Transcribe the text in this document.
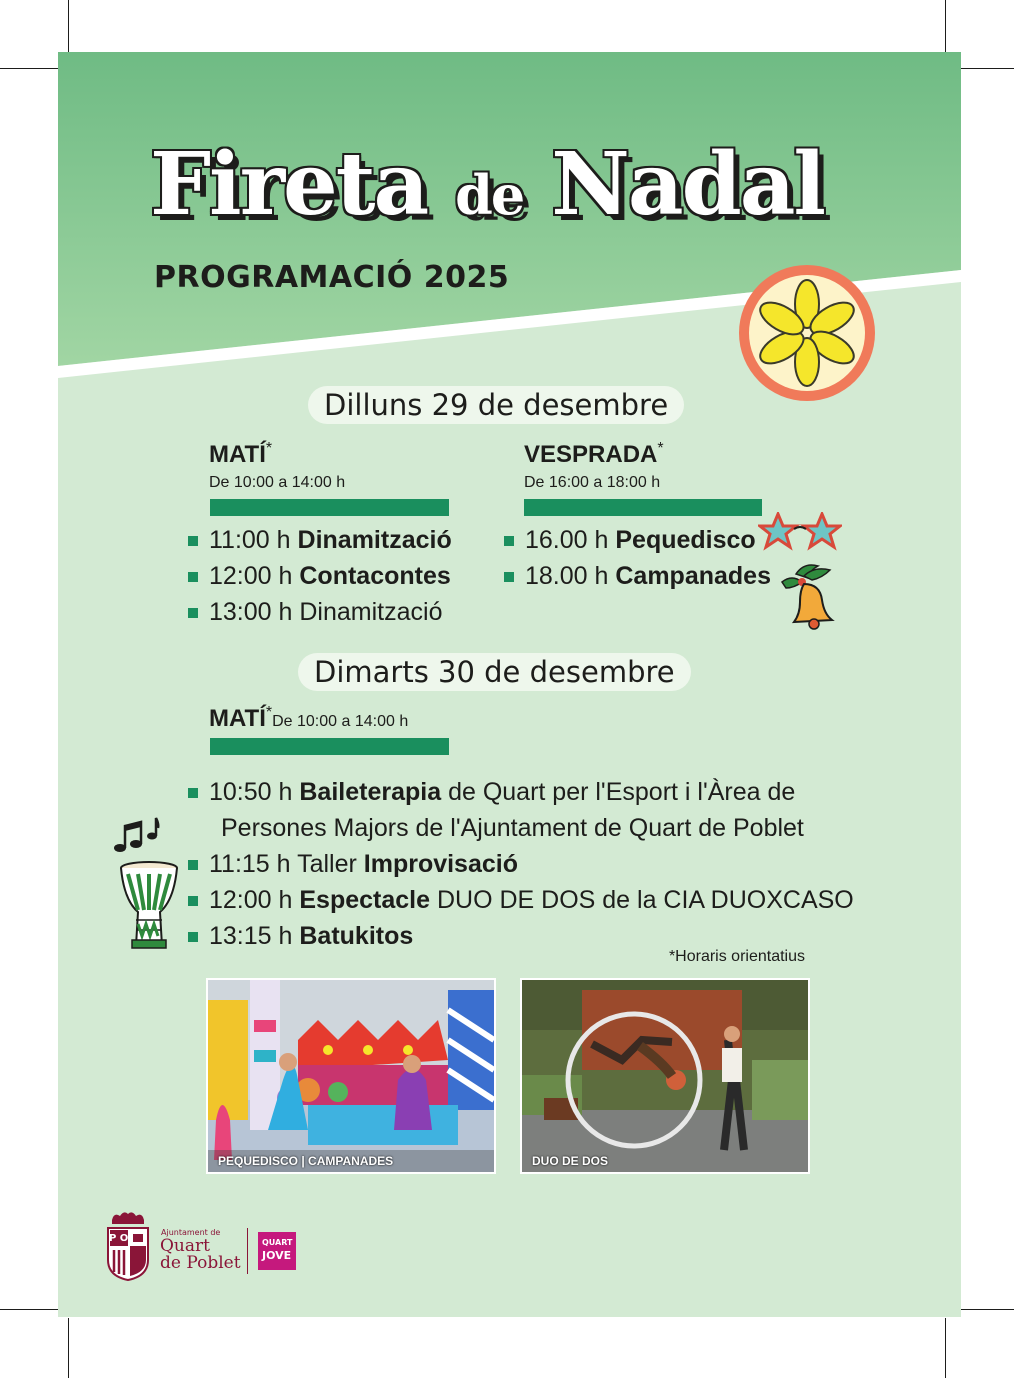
Fireta de Nadal
PROGRAMACIÓ 2025
Dilluns 29 de desembre
MATÍ*
De 10:00 a 14:00 h
11:00 h Dinamització
12:00 h Contacontes
13:00 h Dinamització
VESPRADA*
De 16:00 a 18:00 h
16.00 h Pequedisco
18.00 h Campanades
Dimarts 30 de desembre
MATÍ*De 10:00 a 14:00 h
10:50 h Baileterapia de Quart per l'Esport i l'Àrea de
Persones Majors de l'Ajuntament de Quart de Poblet
11:15 h Taller Improvisació
12:00 h Espectacle DUO DE DOS de la CIA DUOXCASO
13:15 h Batukitos
*Horaris orientatius
PEQUEDISCO | CAMPANADES	DUO DE DOS
P O
Ajuntament de
Quart
de Poblet
QUART
JOVE
